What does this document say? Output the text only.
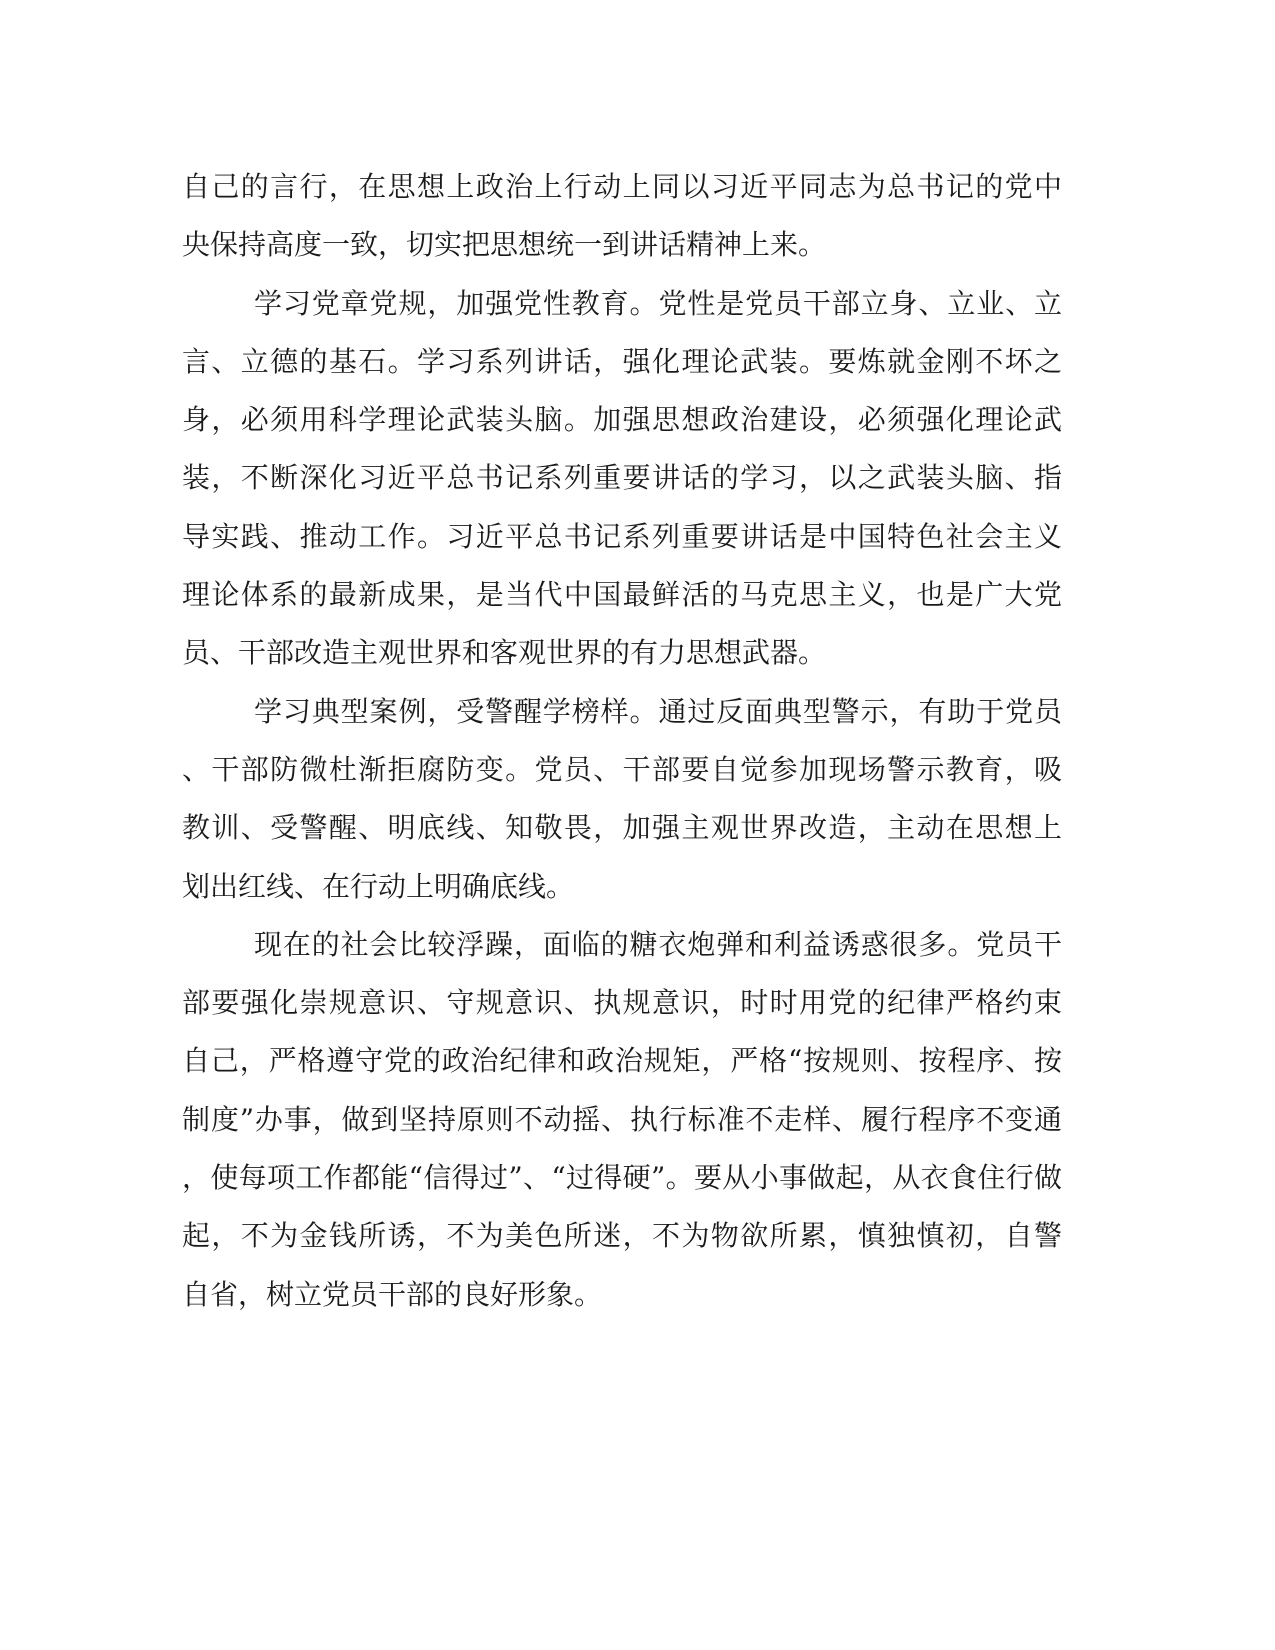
自己的言行，在思想上政治上行动上同以习近平同志为总书记的党中
央保持高度一致，切实把思想统一到讲话精神上来。
学习党章党规，加强党性教育。党性是党员干部立身、立业、立
言、立德的基石。学习系列讲话，强化理论武装。要炼就金刚不坏之
身，必须用科学理论武装头脑。加强思想政治建设，必须强化理论武
装，不断深化习近平总书记系列重要讲话的学习，以之武装头脑、指
导实践、推动工作。习近平总书记系列重要讲话是中国特色社会主义
理论体系的最新成果，是当代中国最鲜活的马克思主义，也是广大党
员、干部改造主观世界和客观世界的有力思想武器。
学习典型案例，受警醒学榜样。通过反面典型警示，有助于党员
、干部防微杜渐拒腐防变。党员、干部要自觉参加现场警示教育，吸
教训、受警醒、明底线、知敬畏，加强主观世界改造，主动在思想上
划出红线、在行动上明确底线。
现在的社会比较浮躁，面临的糖衣炮弹和利益诱惑很多。党员干
部要强化崇规意识、守规意识、执规意识，时时用党的纪律严格约束
自己，严格遵守党的政治纪律和政治规矩，严格“按规则、按程序、按
制度”办事，做到坚持原则不动摇、执行标准不走样、履行程序不变通
，使每项工作都能“信得过”、“过得硬”。要从小事做起，从衣食住行做
起，不为金钱所诱，不为美色所迷，不为物欲所累，慎独慎初，自警
自省，树立党员干部的良好形象。
